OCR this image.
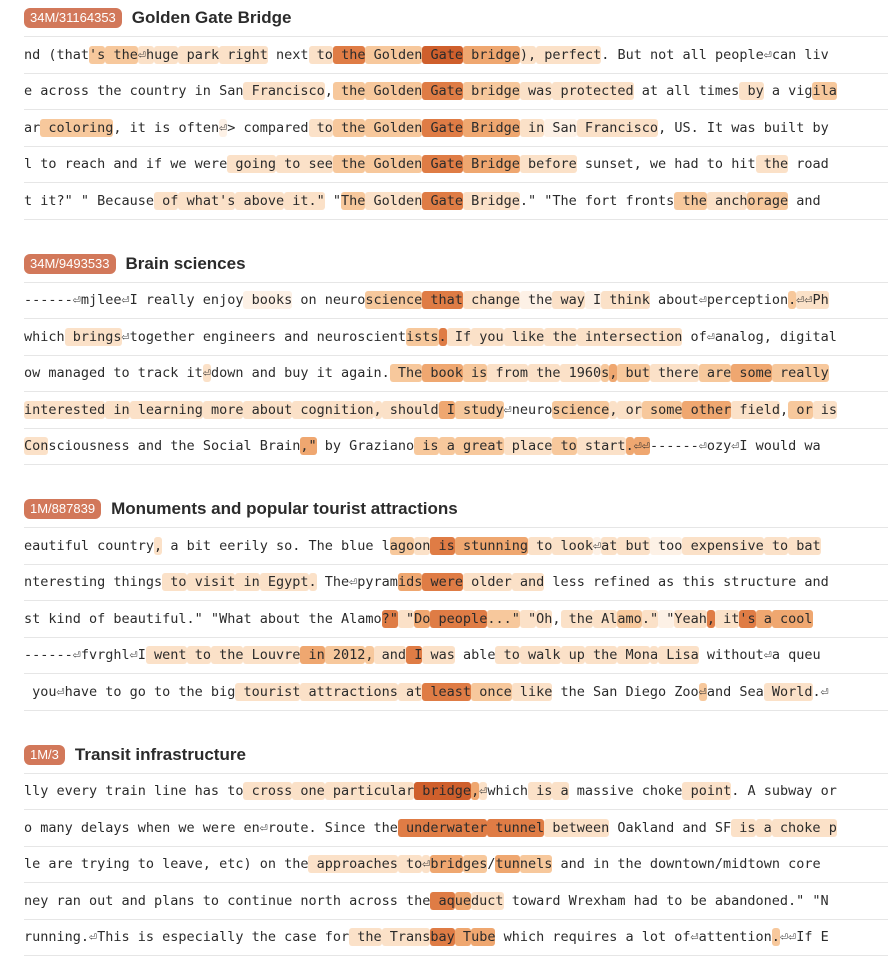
34M/31164353 Golden Gate Bridge
nd ( that 's the ⏎h uge park right next to the Golden Gate bridge ), perfect . But not all people⏎can liv
e across the country in San Francisco , the Golden Gate bridge was protected at all times by a vig ila
ar coloring , it is often ⏎ > compared to the Golden Gate Bridge in San Francisco , US. It was built by
l to reach and if we were going to see the Golden Gate Bridge before sunset, we had to hit the road
t it?" " Because of what's above it." " The Golden Gate Bridge ." "The fort fronts the anch orage and
34M/9493533 Brain sciences
------⏎mjlee⏎I really enjoy books on neuro science that change the way I think about⏎perception . ⏎⏎Ph
which brings ⏎together engineers and neuroscient ists . If you like the intersection of⏎analog, digital
ow managed to track it ⏎ down and buy it again. The book is from the 1960 s , but there are some really
interested in learning more about cognition , should I study ⏎neuro science , or some other field , or is
Con sciousness and the Social Brain ," by Graziano is a great place to start . ⏎⏎ ------⏎ozy⏎I would wa
1M/887839 Monuments and popular tourist attractions
eautiful country , a bit eerily so. The blue l ago on is stunning to look ⏎ at but too expensive to bat
nteresting things to visit in Egypt . The⏎pyram ids were older and less refined as this structure and
st kind of beautiful." "What about the Alamo ?" " Do people ..." " Oh , the Al amo ." " Yeah , it 's a cool
------⏎fvrghl⏎I went to the Louvre in 2012 , and I was able to walk up the Mon a Lisa without⏎a queu
you⏎have to go to the big tourist attractions at least once like the San Diego Zoo ⏎ and Sea World .⏎
1M/3 Transit infrastructure
lly every train line has to cross one particular bridge , ⏎ which is a massive choke point . A subway or
o many delays when we were en⏎route. Since the underwater tunnel between Oakland and SF is a choke p
le are trying to leave, etc) on the approaches to ⏎ brid ges / tun nels and in the downtown/midtown core
ney ran out and plans to continue north across the aq ue duct toward Wrexham had to be abandoned." "N
running.⏎This is especially the case for the Trans bay T ube which requires a lot of⏎attention . ⏎⏎If E
